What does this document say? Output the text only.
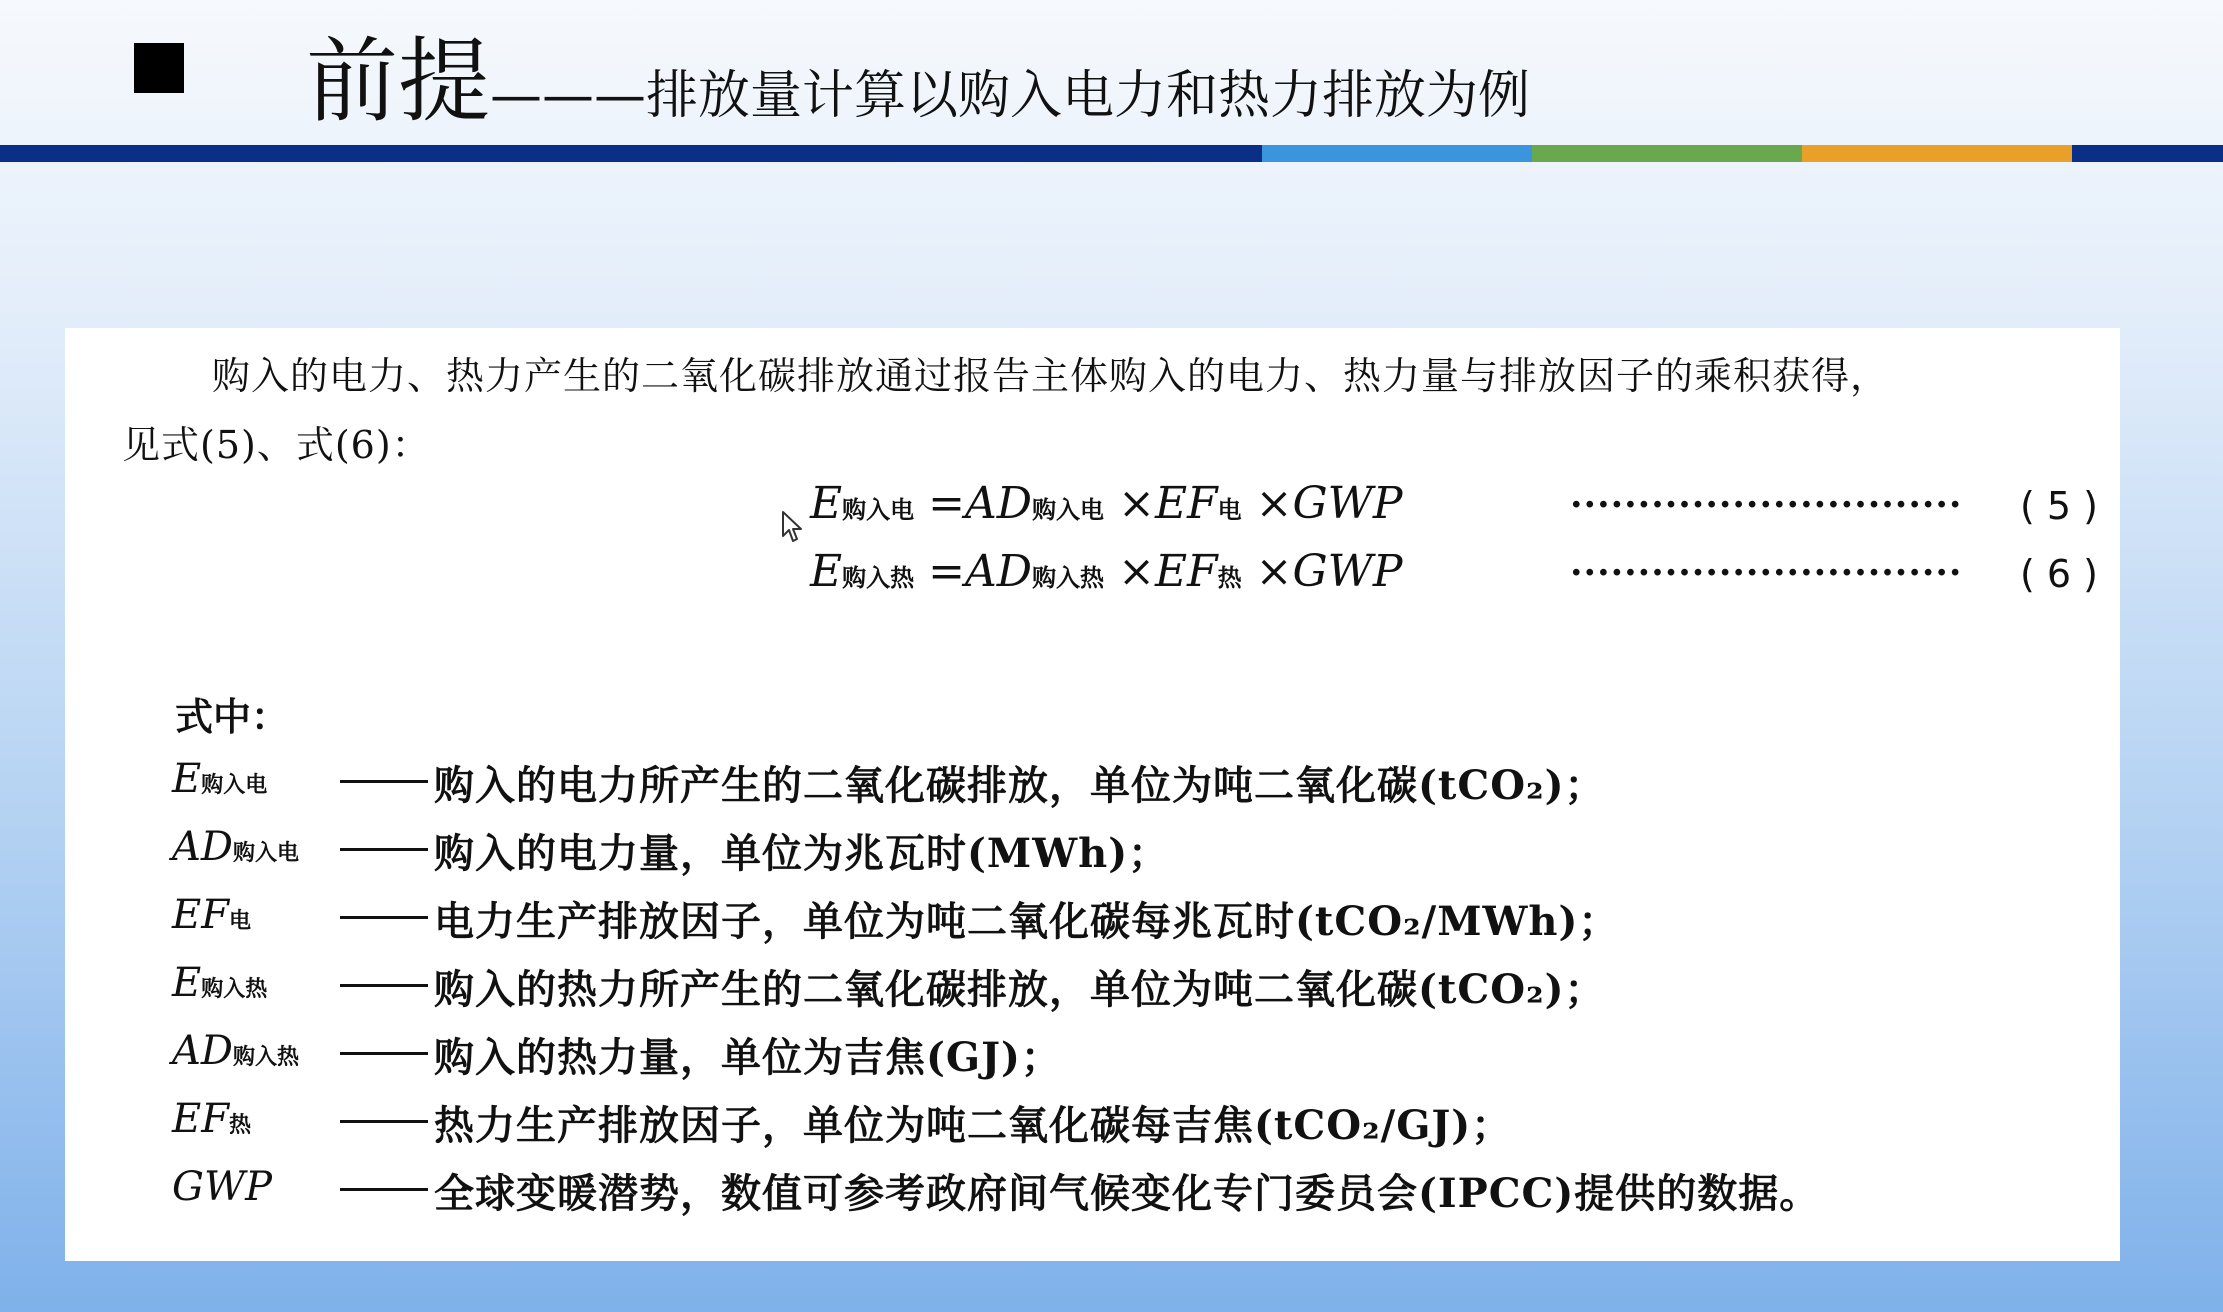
前提———排放量计算以购入电力和热力排放为例
购入的电力、热力产生的二氧化碳排放通过报告主体购入的电力、热力量与排放因子的乘积获得，
见式(5)、式(6)：
E购入电 =AD购入电 ×EF电 ×GWP	····························· ( 5 )
E购入热 =AD购入热 ×EF热 ×GWP	····························· ( 6 )
式中：
E购入电	购入的电力所产生的二氧化碳排放，单位为吨二氧化碳(tCO₂)；
AD购入电	购入的电力量，单位为兆瓦时(MWh)；
EF电	电力生产排放因子，单位为吨二氧化碳每兆瓦时(tCO₂/MWh)；
E购入热	购入的热力所产生的二氧化碳排放，单位为吨二氧化碳(tCO₂)；
AD购入热	购入的热力量，单位为吉焦(GJ)；
EF热	热力生产排放因子，单位为吨二氧化碳每吉焦(tCO₂/GJ)；
GWP	全球变暖潜势，数值可参考政府间气候变化专门委员会(IPCC)提供的数据。
